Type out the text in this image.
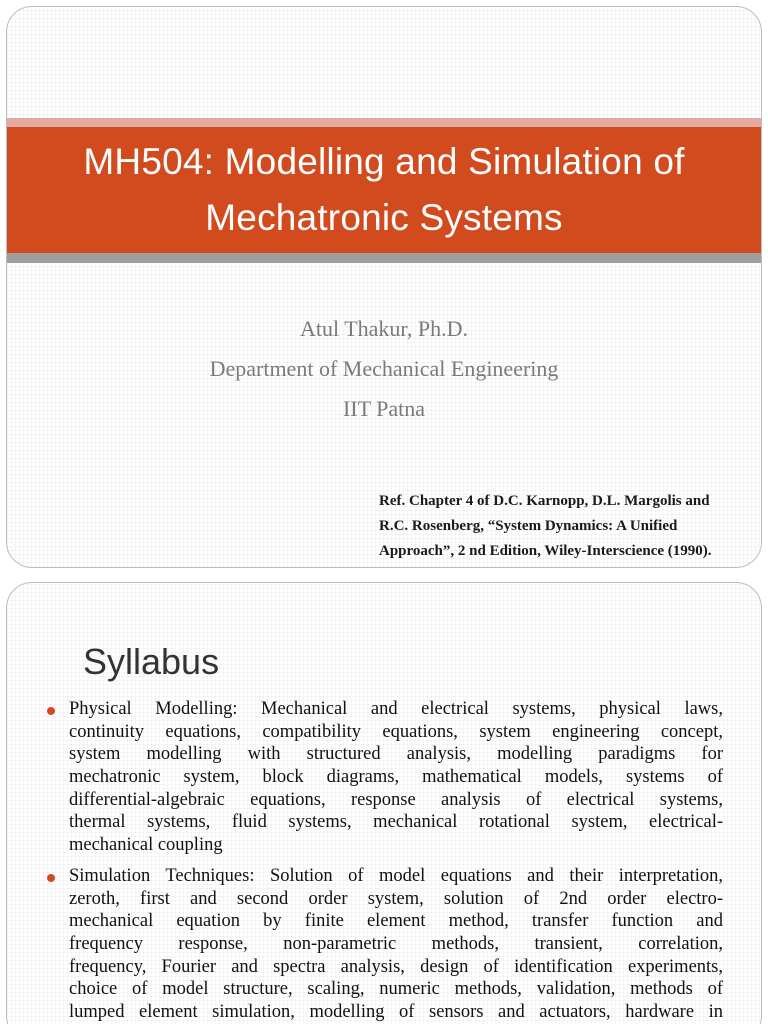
MH504: Modelling and Simulation of
Mechatronic Systems
Atul Thakur, Ph.D.
Department of Mechanical Engineering
IIT Patna
Ref. Chapter 4 of D.C. Karnopp, D.L. Margolis and
R.C. Rosenberg, “System Dynamics: A Unified
Approach”, 2 nd Edition, Wiley-Interscience (1990).
Syllabus
Physical Modelling: Mechanical and electrical systems, physical laws,
continuity equations, compatibility equations, system engineering concept,
system modelling with structured analysis, modelling paradigms for
mechatronic system, block diagrams, mathematical models, systems of
differential-algebraic equations, response analysis of electrical systems,
thermal systems, fluid systems, mechanical rotational system, electrical-
mechanical coupling
Simulation Techniques: Solution of model equations and their interpretation,
zeroth, first and second order system, solution of 2nd order electro-
mechanical equation by finite element method, transfer function and
frequency response, non-parametric methods, transient, correlation,
frequency, Fourier and spectra analysis, design of identification experiments,
choice of model structure, scaling, numeric methods, validation, methods of
lumped element simulation, modelling of sensors and actuators, hardware in
